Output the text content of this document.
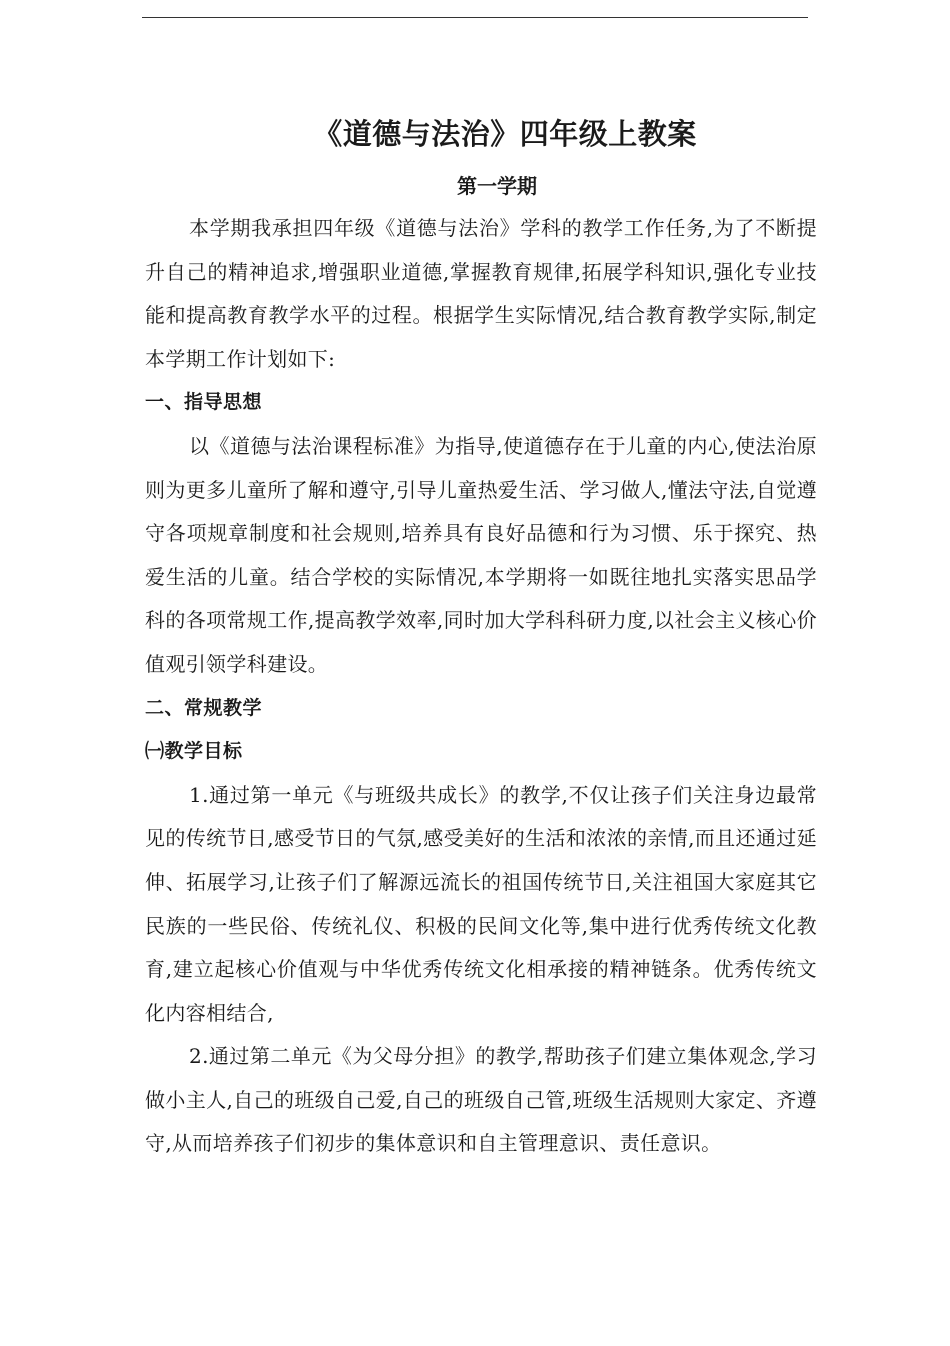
《道德与法治》四年级上教案
第一学期

本学期我承担四年级《道德与法治》学科的教学工作任务,为了不断提升自己的精神追求,增强职业道德,掌握教育规律,拓展学科知识,强化专业技能和提高教育教学水平的过程。根据学生实际情况,结合教育教学实际,制定本学期工作计划如下:

一、指导思想

以《道德与法治课程标准》为指导,使道德存在于儿童的内心,使法治原则为更多儿童所了解和遵守,引导儿童热爱生活、学习做人,懂法守法,自觉遵守各项规章制度和社会规则,培养具有良好品德和行为习惯、乐于探究、热爱生活的儿童。结合学校的实际情况,本学期将一如既往地扎实落实思品学科的各项常规工作,提高教学效率,同时加大学科科研力度,以社会主义核心价值观引领学科建设。

二、常规教学

㈠教学目标

1.通过第一单元《与班级共成长》的教学,不仅让孩子们关注身边最常见的传统节日,感受节日的气氛,感受美好的生活和浓浓的亲情,而且还通过延伸、拓展学习,让孩子们了解源远流长的祖国传统节日,关注祖国大家庭其它民族的一些民俗、传统礼仪、积极的民间文化等,集中进行优秀传统文化教育,建立起核心价值观与中华优秀传统文化相承接的精神链条。优秀传统文化内容相结合,

2.通过第二单元《为父母分担》的教学,帮助孩子们建立集体观念,学习做小主人,自己的班级自己爱,自己的班级自己管,班级生活规则大家定、齐遵守,从而培养孩子们初步的集体意识和自主管理意识、责任意识。
